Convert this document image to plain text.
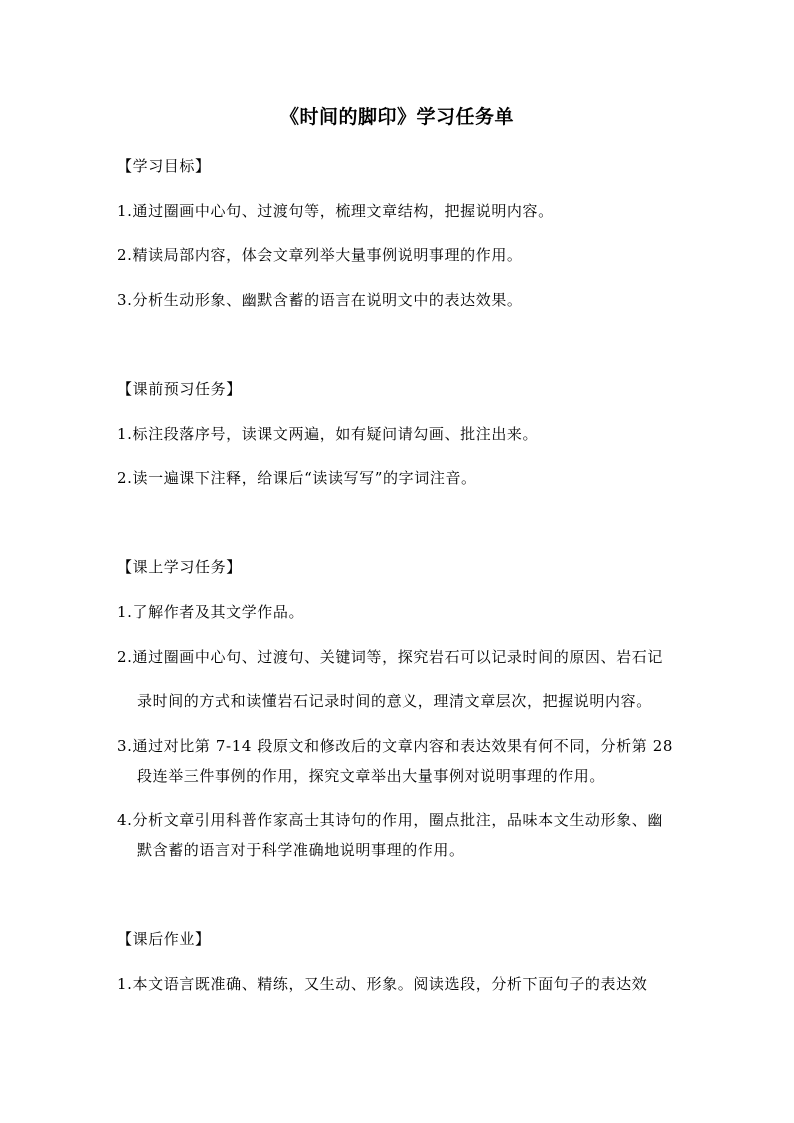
《时间的脚印》学习任务单
【学习目标】
1.通过圈画中心句、过渡句等，梳理文章结构，把握说明内容。
2.精读局部内容，体会文章列举大量事例说明事理的作用。
3.分析生动形象、幽默含蓄的语言在说明文中的表达效果。
【课前预习任务】
1.标注段落序号，读课文两遍，如有疑问请勾画、批注出来。
2.读一遍课下注释，给课后“读读写写”的字词注音。
【课上学习任务】
1.了解作者及其文学作品。
2.通过圈画中心句、过渡句、关键词等，探究岩石可以记录时间的原因、岩石记
录时间的方式和读懂岩石记录时间的意义，理清文章层次，把握说明内容。
3.通过对比第 7-14 段原文和修改后的文章内容和表达效果有何不同，分析第 28
段连举三件事例的作用，探究文章举出大量事例对说明事理的作用。
4.分析文章引用科普作家高士其诗句的作用，圈点批注，品味本文生动形象、幽
默含蓄的语言对于科学准确地说明事理的作用。
【课后作业】
1.本文语言既准确、精练，又生动、形象。阅读选段，分析下面句子的表达效
